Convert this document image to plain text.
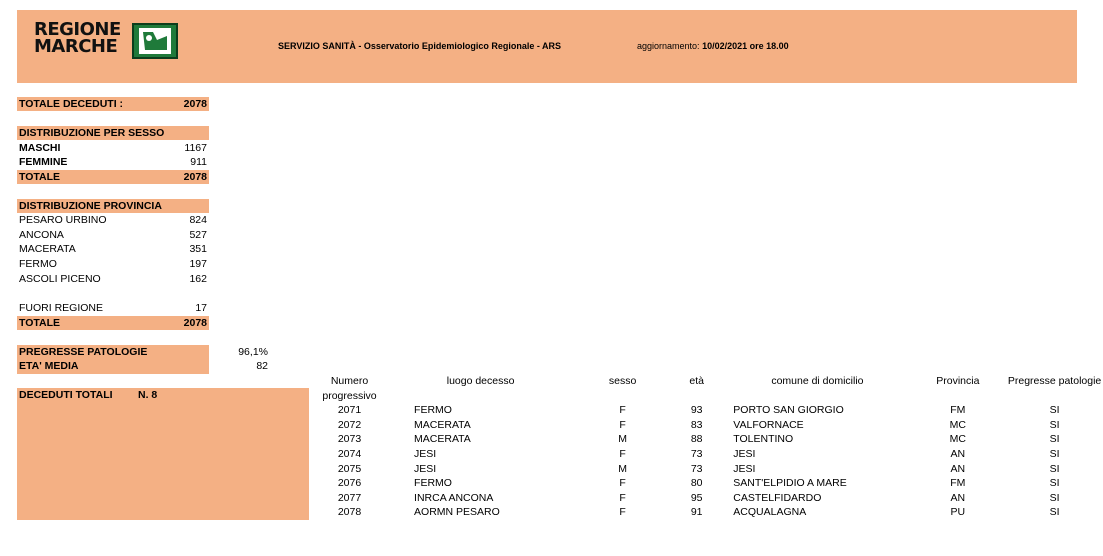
REGIONE
MARCHE	SERVIZIO SANITÀ - Osservatorio Epidemiologico Regionale - ARS	aggiornamento: 10/02/2021 ore 18.00
TOTALE DECEDUTI :	2078
DISTRIBUZIONE PER SESSO
MASCHI	1167
FEMMINE	911
TOTALE	2078
DISTRIBUZIONE PROVINCIA
PESARO URBINO	824
ANCONA	527
MACERATA	351
FERMO	197
ASCOLI PICENO	162
FUORI REGIONE	17
TOTALE	2078
PREGRESSE PATOLOGIE	96,1%
ETA' MEDIA	82
DECEDUTI TOTALI N. 8
Numero	luogo decesso	sesso	età	comune di domicilio	Provincia	Pregresse patologie
progressivo						
2071	FERMO	F	93	PORTO SAN GIORGIO	FM	SI
2072	MACERATA	F	83	VALFORNACE	MC	SI
2073	MACERATA	M	88	TOLENTINO	MC	SI
2074	JESI	F	73	JESI	AN	SI
2075	JESI	M	73	JESI	AN	SI
2076	FERMO	F	80	SANT'ELPIDIO A MARE	FM	SI
2077	INRCA ANCONA	F	95	CASTELFIDARDO	AN	SI
2078	AORMN PESARO	F	91	ACQUALAGNA	PU	SI
